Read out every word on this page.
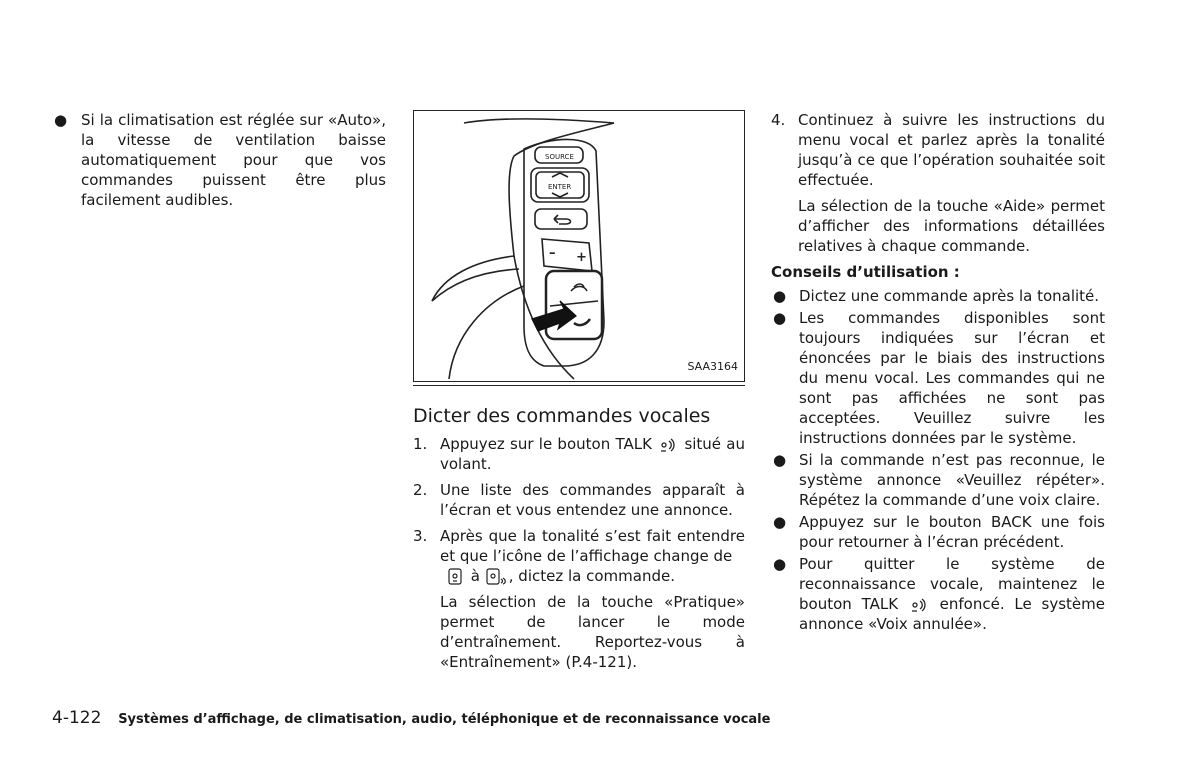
● Si la climatisation est réglée sur «Auto», la vitesse de ventilation baisse automatiquement pour que vos commandes puissent être plus facilement audibles.
SOURCE
ENTER
– +
SAA3164
Dicter des commandes vocales
1. Appuyez sur le bouton TALK situé au volant.
2. Une liste des commandes apparaît à l’écran et vous entendez une annonce.
3. Après que la tonalité s’est fait entendre et que l’icône de l’affichage change de
à , dictez la commande.
La sélection de la touche «Pratique» permet de lancer le mode d’entraînement. Reportez-vous à «Entraînement» (P.4-121).
4. Continuez à suivre les instructions du menu vocal et parlez après la tonalité jusqu’à ce que l’opération souhaitée soit effectuée.
La sélection de la touche «Aide» permet d’afficher des informations détaillées relatives à chaque commande.
Conseils d’utilisation :
● Dictez une commande après la tonalité.
● Les commandes disponibles sont toujours indiquées sur l’écran et énoncées par le biais des instructions du menu vocal. Les commandes qui ne sont pas affichées ne sont pas acceptées. Veuillez suivre les instructions données par le système.
● Si la commande n’est pas reconnue, le système annonce «Veuillez répéter». Répétez la commande d’une voix claire.
● Appuyez sur le bouton BACK une fois pour retourner à l’écran précédent.
● Pour quitter le système de reconnaissance vocale, maintenez le bouton TALK	enfoncé. Le système annonce «Voix annulée».
4-122 Systèmes d’affichage, de climatisation, audio, téléphonique et de reconnaissance vocale
